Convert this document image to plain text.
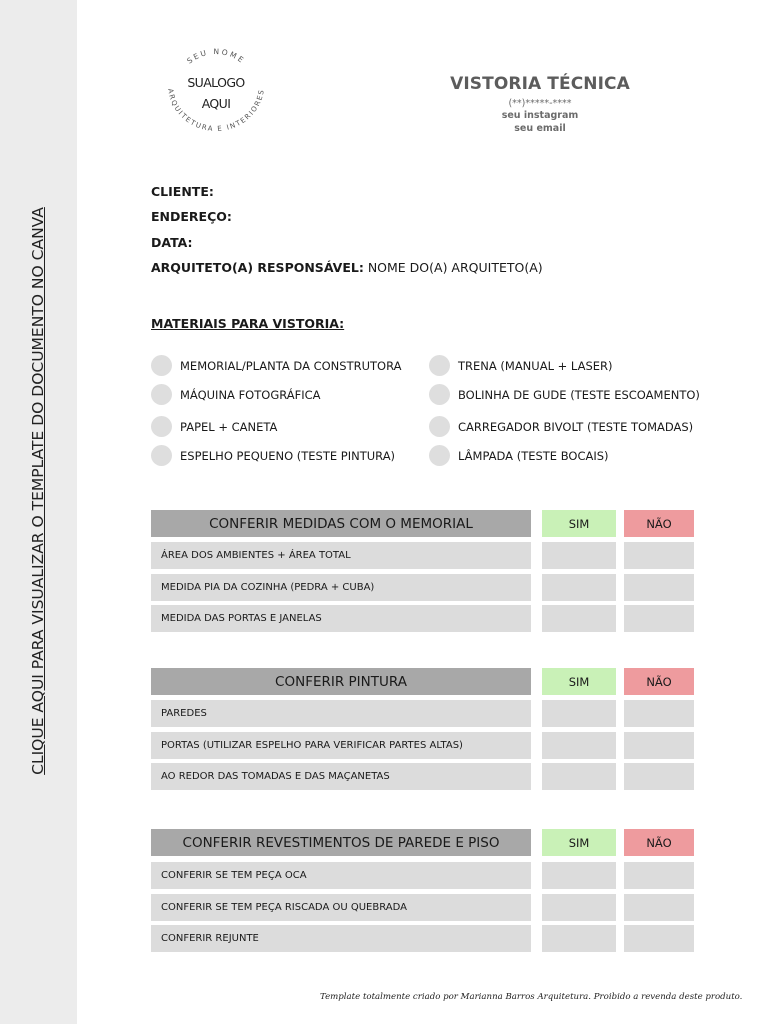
CLIQUE AQUI PARA VISUALIZAR O TEMPLATE DO DOCUMENTO NO CANVA
SEU NOME
ARQUITETURA E INTERIORES
SUALOGO
AQUI
VISTORIA TÉCNICA
(**)*****-****
seu instagram
seu email
CLIENTE:
ENDEREÇO:
DATA:
ARQUITETO(A) RESPONSÁVEL: NOME DO(A) ARQUITETO(A)
MATERIAIS PARA VISTORIA:
MEMORIAL/PLANTA DA CONSTRUTORA
MÁQUINA FOTOGRÁFICA
PAPEL + CANETA
ESPELHO PEQUENO (TESTE PINTURA)
TRENA (MANUAL + LASER)
BOLINHA DE GUDE (TESTE ESCOAMENTO)
CARREGADOR BIVOLT (TESTE TOMADAS)
LÂMPADA (TESTE BOCAIS)
CONFERIR MEDIDAS COM O MEMORIAL	SIM	NÃO
ÁREA DOS AMBIENTES + ÁREA TOTAL
MEDIDA PIA DA COZINHA (PEDRA + CUBA)
MEDIDA DAS PORTAS E JANELAS
CONFERIR PINTURA	SIM	NÃO
PAREDES
PORTAS (UTILIZAR ESPELHO PARA VERIFICAR PARTES ALTAS)
AO REDOR DAS TOMADAS E DAS MAÇANETAS
CONFERIR REVESTIMENTOS DE PAREDE E PISO	SIM	NÃO
CONFERIR SE TEM PEÇA OCA
CONFERIR SE TEM PEÇA RISCADA OU QUEBRADA
CONFERIR REJUNTE
Template totalmente criado por Marianna Barros Arquitetura. Proibido a revenda deste produto.
